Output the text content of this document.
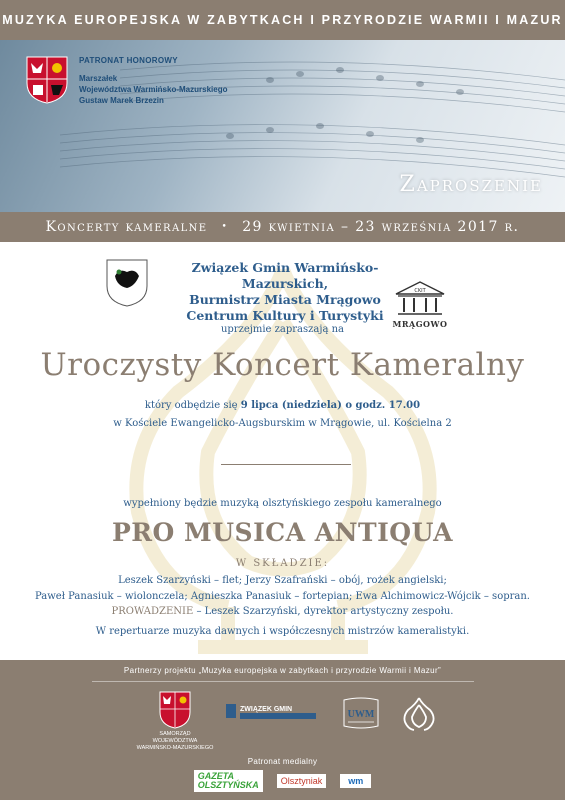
MUZYKA EUROPEJSKA W ZABYTKACH I PRZYRODZIE WARMII I MAZUR
PATRONAT HONOROWY
Marszałek
Województwa Warmińsko-Mazurskiego
Gustaw Marek Brzezin
Zaproszenie
Koncerty kameralne • 29 kwietnia – 23 września 2017 r.
Związek Gmin Warmińsko-Mazurskich,
Burmistrz Miasta Mrągowo
Centrum Kultury i Turystyki
CKIT
MRĄGOWO
uprzejmie zapraszają na
Uroczysty Koncert Kameralny
który odbędzie się 9 lipca (niedziela) o godz. 17.00
w Kościele Ewangelicko-Augsburskim w Mrągowie, ul. Kościelna 2
wypełniony będzie muzyką olsztyńskiego zespołu kameralnego
PRO MUSICA ANTIQUA
W SKŁADZIE:
Leszek Szarzyński – flet; Jerzy Szafrański – obój, rożek angielski;
Paweł Panasiuk – wiolonczela; Agnieszka Panasiuk – fortepian; Ewa Alchimowicz-Wójcik – sopran.
PROWADZENIE – Leszek Szarzyński, dyrektor artystyczny zespołu.
W repertuarze muzyka dawnych i współczesnych mistrzów kameralistyki.
Partnerzy projektu „Muzyka europejska w zabytkach i przyrodzie Warmii i Mazur”
SAMORZĄD
WOJEWÓDZTWA
WARMIŃSKO-MAZURSKIEGO
ZWIĄZEK GMIN	UWM
Patronat medialny
GAZETA
OLSZTYŃSKA	Olsztyniak	wm
